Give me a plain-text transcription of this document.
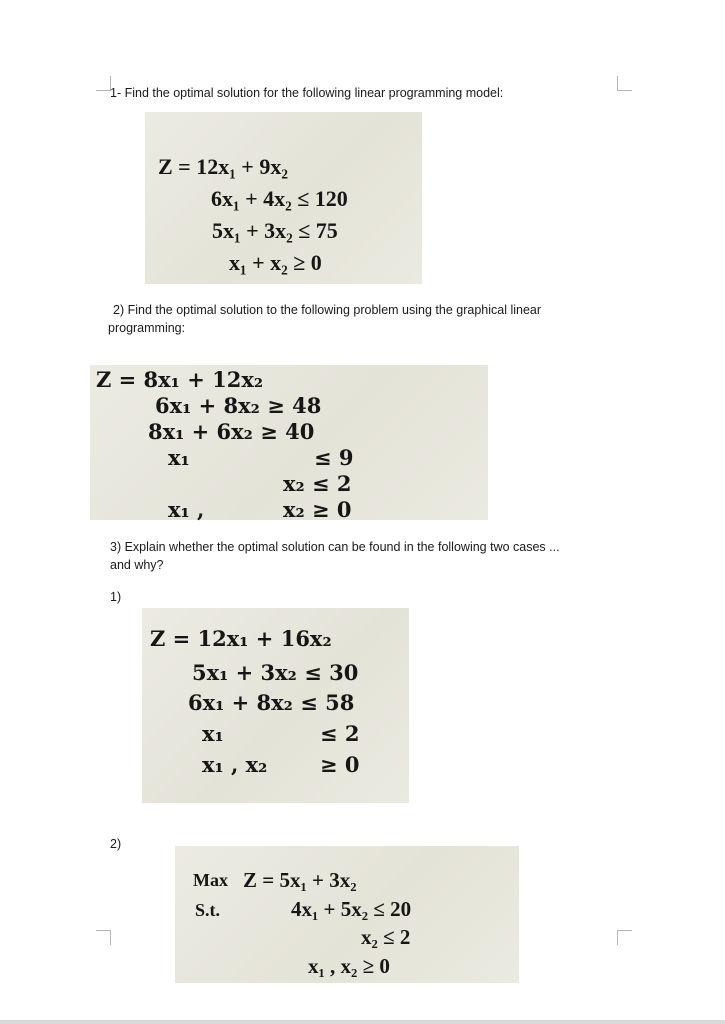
1- Find the optimal solution for the following linear programming model:
Z = 12x₁ + 9x₂
6x₁ + 4x₂ ≤ 120
5x₁ + 3x₂ ≤ 75
x₁ + x₂ ≥ 0
2) Find the optimal solution to the following problem using the graphical linear
programming:
Z = 8x₁ + 12x₂
6x₁ + 8x₂ ≥ 48
8x₁ + 6x₂ ≥ 40
x₁	≤ 9
x₂ ≤ 2
x₁ ,	x₂ ≥ 0
3) Explain whether the optimal solution can be found in the following two cases ...
and why?
1)
Z = 12x₁ + 16x₂
5x₁ + 3x₂ ≤ 30
6x₁ + 8x₂ ≤ 58
x₁	≤ 2
x₁ , x₂	≥ 0
2)
Max Z = 5x₁ + 3x₂
S.t.	4x₁ + 5x₂ ≤ 20
x₂ ≤ 2
x₁ , x₂ ≥ 0
